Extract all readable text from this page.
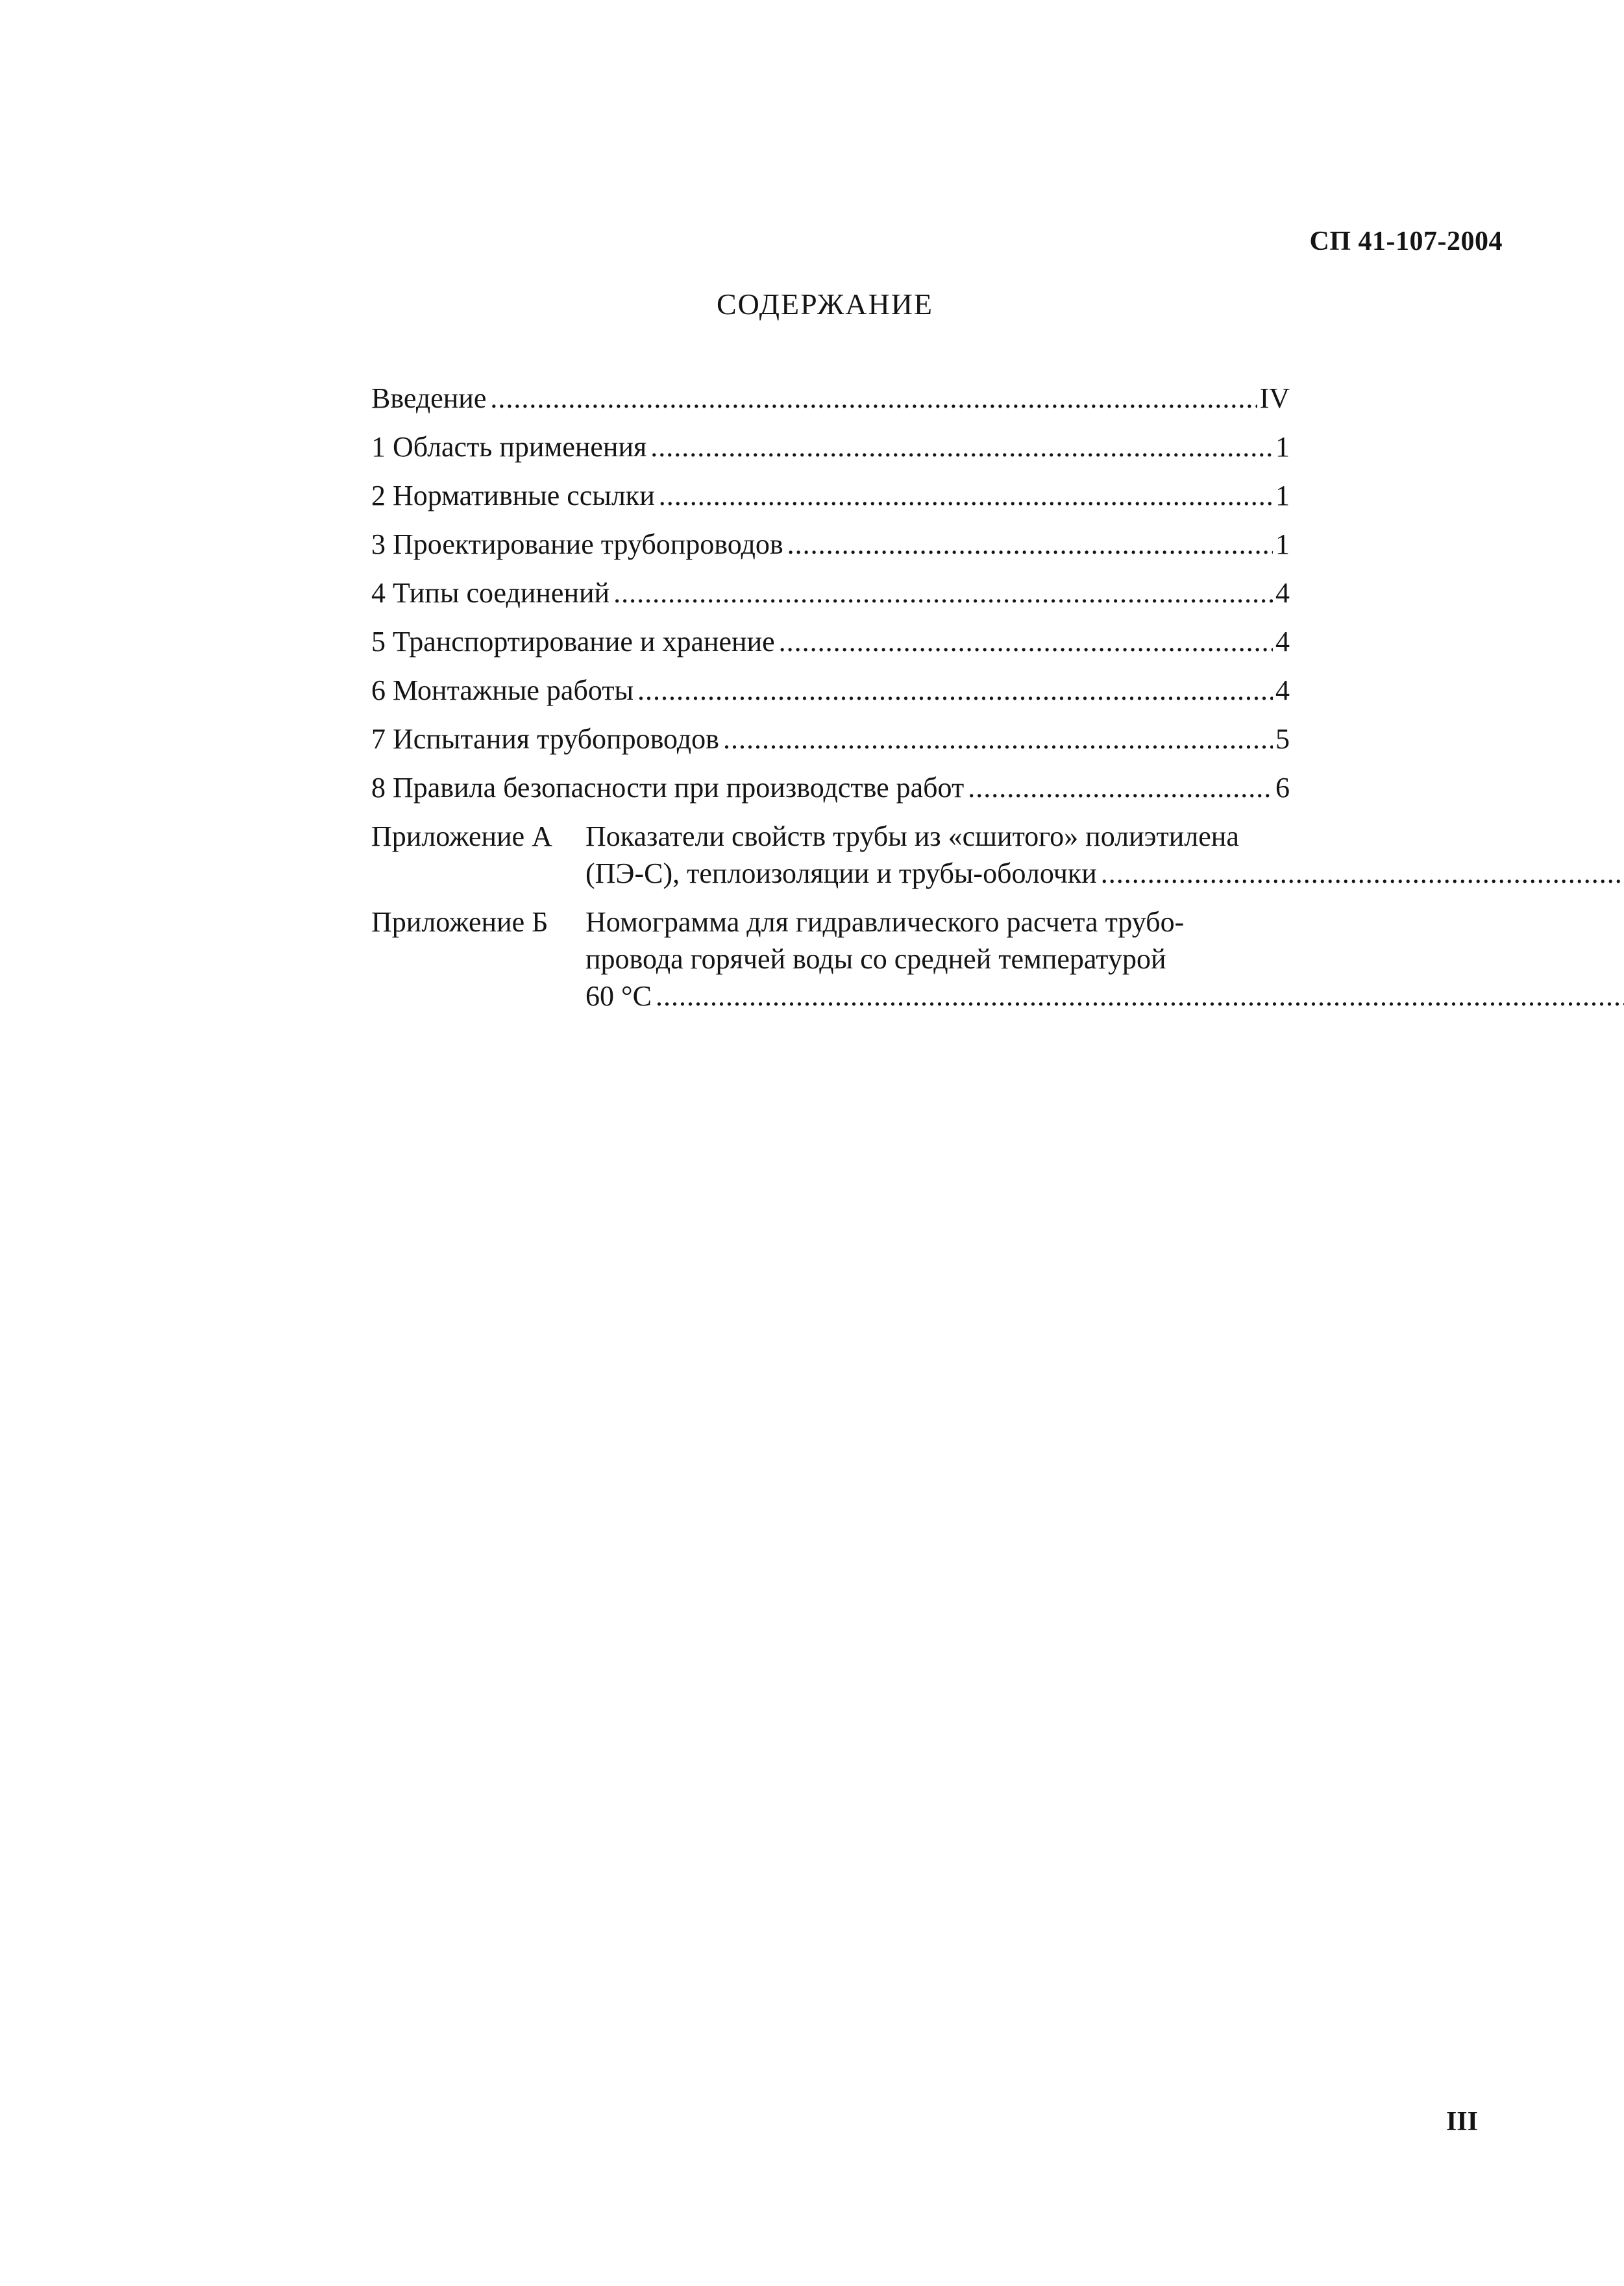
СП 41-107-2004
СОДЕРЖАНИЕ
Введение .....	IV
1 Область применения .....	1
2 Нормативные ссылки .....	1
3 Проектирование трубопроводов .....	1
4 Типы соединений .....	4
5 Транспортирование и хранение .....	4
6 Монтажные работы .....	4
7 Испытания трубопроводов .....	5
8 Правила безопасности при производстве работ .....	6
Приложение А	Показатели свойств трубы из «сшитого» полиэтилена
(ПЭ-С), теплоизоляции и трубы-оболочки
.....
Приложение Б	Номограмма для гидравлического расчета трубо-
провода горячей воды со средней температурой
60 °С
.....
III
